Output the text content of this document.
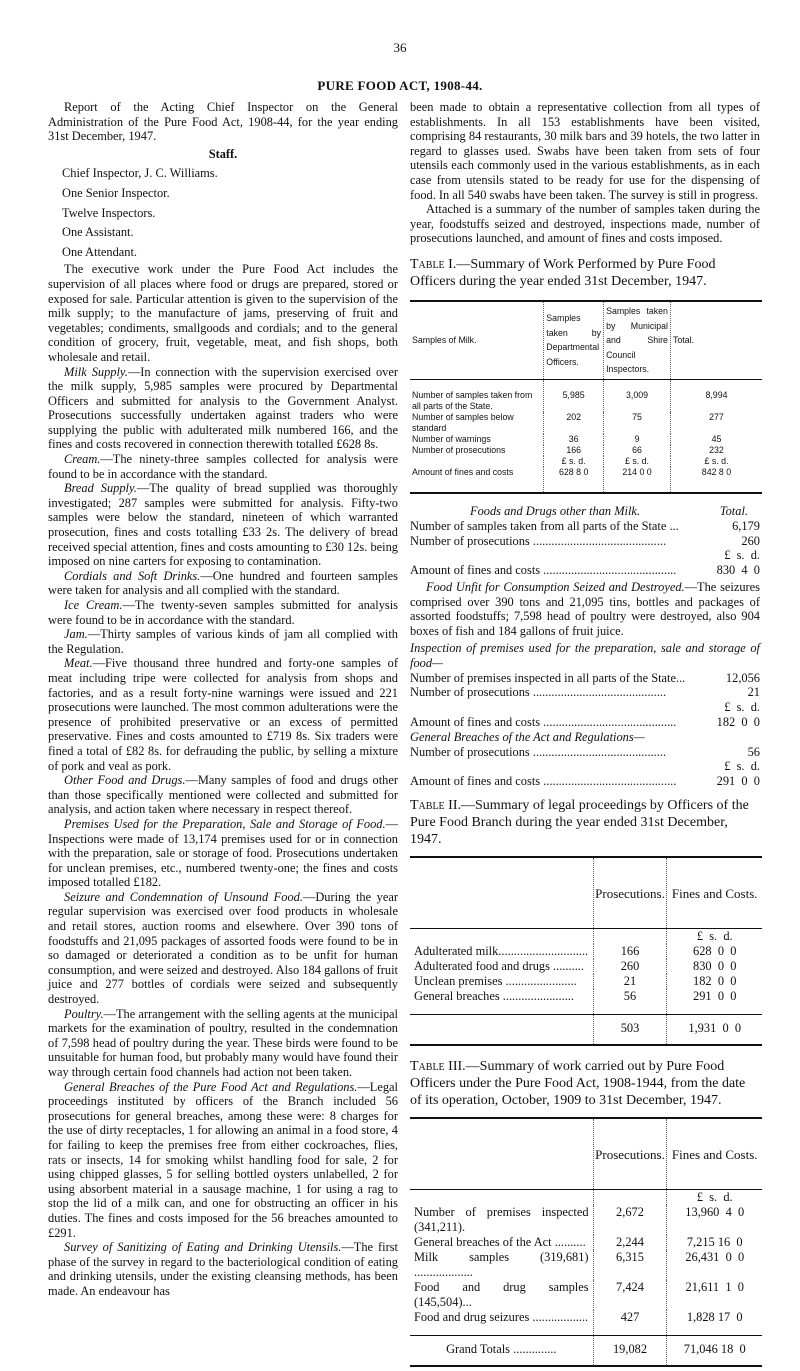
36
PURE FOOD ACT, 1908-44.

Report of the Acting Chief Inspector on the General Administration of the Pure Food Act, 1908-44, for the year ending 31st December, 1947.

Staff.

Chief Inspector, J. C. Williams.

One Senior Inspector.

Twelve Inspectors.

One Assistant.

One Attendant.

The executive work under the Pure Food Act includes the supervision of all places where food or drugs are prepared, stored or exposed for sale. Particular attention is given to the supervision of the milk supply; to the manufacture of jams, preserving of fruit and vegetables; condiments, smallgoods and cordials; and to the general condition of grocery, fruit, vegetable, meat, and fish shops, both wholesale and retail.

Milk Supply.—In connection with the supervision exercised over the milk supply, 5,985 samples were procured by Departmental Officers and submitted for analysis to the Government Analyst. Prosecutions successfully undertaken against traders who were supplying the public with adulterated milk numbered 166, and the fines and costs recovered in connection therewith totalled £628 8s.

Cream.—The ninety-three samples collected for analysis were found to be in accordance with the standard.

Bread Supply.—The quality of bread supplied was thoroughly investigated; 287 samples were submitted for analysis. Fifty-two samples were below the standard, nineteen of which warranted prosecution, fines and costs totalling £33 2s. The delivery of bread received special attention, fines and costs amounting to £30 12s. being imposed on nine carters for exposing to contamination.

Cordials and Soft Drinks.—One hundred and fourteen samples were taken for analysis and all complied with the standard.

Ice Cream.—The twenty-seven samples submitted for analysis were found to be in accordance with the standard.

Jam.—Thirty samples of various kinds of jam all complied with the Regulation.

Meat.—Five thousand three hundred and forty-one samples of meat including tripe were collected for analysis from shops and factories, and as a result forty-nine warnings were issued and 221 prosecutions were launched. The most common adulterations were the presence of prohibited preservative or an excess of permitted preservative. Fines and costs amounted to £719 8s. Six traders were fined a total of £82 8s. for defrauding the public, by selling a mixture of pork and veal as pork.

Other Food and Drugs.—Many samples of food and drugs other than those specifically mentioned were collected and submitted for analysis, and action taken where necessary in respect thereof.

Premises Used for the Preparation, Sale and Storage of Food.—Inspections were made of 13,174 premises used for or in connection with the preparation, sale or storage of food. Prosecutions undertaken for unclean premises, etc., numbered twenty-one; the fines and costs imposed totalled £182.

Seizure and Condemnation of Unsound Food.—During the year regular supervision was exercised over food products in wholesale and retail stores, auction rooms and elsewhere. Over 390 tons of foodstuffs and 21,095 packages of assorted foods were found to be in so damaged or deteriorated a condition as to be unfit for human consumption, and were seized and destroyed. Also 184 gallons of fruit juice and 277 bottles of cordials were seized and subsequently destroyed.

Poultry.—The arrangement with the selling agents at the municipal markets for the examination of poultry, resulted in the condemnation of 7,598 head of poultry during the year. These birds were found to be unsuitable for human food, but probably many would have found their way through certain food channels had action not been taken.

General Breaches of the Pure Food Act and Regulations.—Legal proceedings instituted by officers of the Branch included 56 prosecutions for general breaches, among these were: 8 charges for the use of dirty receptacles, 1 for allowing an animal in a food store, 4 for failing to keep the premises free from either cockroaches, flies, rats or insects, 14 for smoking whilst handling food for sale, 2 for using chipped glasses, 5 for selling bottled oysters unlabelled, 2 for using absorbent material in a sausage machine, 1 for using a rag to stop the lid of a milk can, and one for obstructing an officer in his duties. The fines and costs imposed for the 56 breaches amounted to £291.

Survey of Sanitizing of Eating and Drinking Utensils.—The first phase of the survey in regard to the bacteriological condition of eating and drinking utensils, under the existing cleansing methods, has been made. An endeavour has

been made to obtain a representative collection from all types of establishments. In all 153 establishments have been visited, comprising 84 restaurants, 30 milk bars and 39 hotels, the two latter in regard to glasses used. Swabs have been taken from sets of four utensils each commonly used in the various establishments, as in each case from utensils stated to be ready for use for the dispensing of food. In all 540 swabs have been taken. The survey is still in progress.

Attached is a summary of the number of samples taken during the year, foodstuffs seized and destroyed, inspections made, number of prosecutions launched, and amount of fines and costs imposed.

Table I.—Summary of Work Performed by Pure Food Officers during the year ended 31st December, 1947.

Samples of Milk.	Samples taken by Departmental Officers.	Samples taken by Municipal and Shire Council Inspectors.	Total.
Number of samples taken from all parts of the State.	5,985	3,009	8,994
Number of samples below standard	202	75	277
Number of warnings	36	9	45
Number of prosecutions	166	66	232
	£ s. d.	£ s. d.	£ s. d.
Amount of fines and costs	628 8 0	214 0 0	842 8 0
Foods and Drugs other than Milk.	Total.
Number of samples taken from all parts of the State ...	6,179
Number of prosecutions ...........................................	260
£  s.  d.
Amount of fines and costs ...........................................	830  4  0

Food Unfit for Consumption Seized and Destroyed.—The seizures comprised over 390 tons and 21,095 tins, bottles and packages of assorted foodstuffs; 7,598 head of poultry were destroyed, also 904 boxes of fish and 184 gallons of fruit juice.

Inspection of premises used for the preparation, sale and storage of food—

Number of premises inspected in all parts of the State...	12,056
Number of prosecutions ...........................................	21
£  s.  d.
Amount of fines and costs ...........................................	182  0  0

General Breaches of the Act and Regulations—

Number of prosecutions ...........................................	56
£  s.  d.
Amount of fines and costs ...........................................	291  0  0

Table II.—Summary of legal proceedings by Officers of the Pure Food Branch during the year ended 31st December, 1947.

	Prosecutions.	Fines and Costs.
		£  s.  d.
Adulterated milk.............................	166	628  0  0
Adulterated food and drugs ..........	260	830  0  0
Unclean premises .......................	21	182  0  0
General breaches .......................	56	291  0  0
	503	1,931  0  0

Table III.—Summary of work carried out by Pure Food Officers under the Pure Food Act, 1908-1944, from the date of its operation, October, 1909 to 31st December, 1947.

	Prosecutions.	Fines and Costs.
		£  s.  d.
Number of premises inspected (341,211).	2,672	13,960  4  0
General breaches of the Act ..........	2,244	7,215 16  0
Milk samples (319,681) ...................	6,315	26,431  0  0
Food and drug samples (145,504)...	7,424	21,611  1  0
Food and drug seizures ..................	427	1,828 17  0
Grand Totals ..............	19,082	71,046 18  0
